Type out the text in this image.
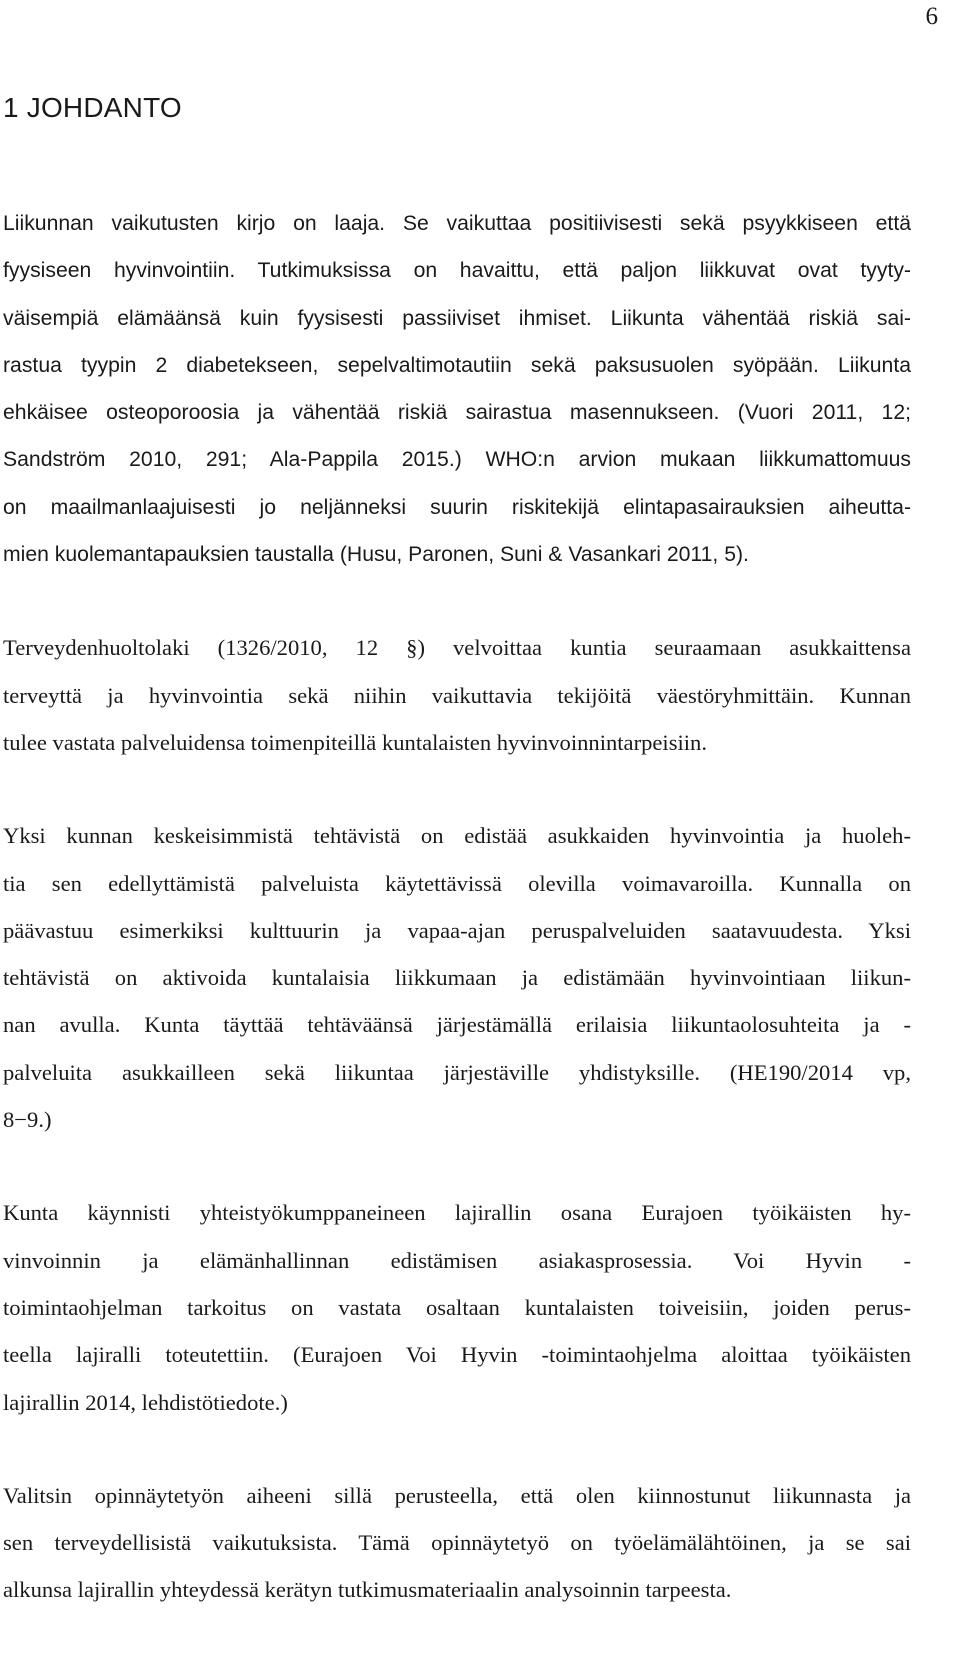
6
1 JOHDANTO

Liikunnan vaikutusten kirjo on laaja. Se vaikuttaa positiivisesti sekä psyykkiseen että
fyysiseen hyvinvointiin. Tutkimuksissa on havaittu, että paljon liikkuvat ovat tyyty-
väisempiä elämäänsä kuin fyysisesti passiiviset ihmiset. Liikunta vähentää riskiä sai-
rastua tyypin 2 diabetekseen, sepelvaltimotautiin sekä paksusuolen syöpään. Liikunta
ehkäisee osteoporoosia ja vähentää riskiä sairastua masennukseen. (Vuori 2011, 12;
Sandström 2010, 291; Ala-Pappila 2015.) WHO:n arvion mukaan liikkumattomuus
on maailmanlaajuisesti jo neljänneksi suurin riskitekijä elintapasairauksien aiheutta-
mien kuolemantapauksien taustalla (Husu, Paronen, Suni & Vasankari 2011, 5).

Terveydenhuoltolaki (1326/2010, 12 §) velvoittaa kuntia seuraamaan asukkaittensa
terveyttä ja hyvinvointia sekä niihin vaikuttavia tekijöitä väestöryhmittäin. Kunnan
tulee vastata palveluidensa toimenpiteillä kuntalaisten hyvinvoinnintarpeisiin.

Yksi kunnan keskeisimmistä tehtävistä on edistää asukkaiden hyvinvointia ja huoleh-
tia sen edellyttämistä palveluista käytettävissä olevilla voimavaroilla. Kunnalla on
päävastuu esimerkiksi kulttuurin ja vapaa-ajan peruspalveluiden saatavuudesta. Yksi
tehtävistä on aktivoida kuntalaisia liikkumaan ja edistämään hyvinvointiaan liikun-
nan avulla. Kunta täyttää tehtäväänsä järjestämällä erilaisia liikuntaolosuhteita ja -
palveluita asukkailleen sekä liikuntaa järjestäville yhdistyksille. (HE190/2014 vp,
8−9.)

Kunta käynnisti yhteistyökumppaneineen lajirallin osana Eurajoen työikäisten hy-
vinvoinnin ja elämänhallinnan edistämisen asiakasprosessia. Voi Hyvin -
toimintaohjelman tarkoitus on vastata osaltaan kuntalaisten toiveisiin, joiden perus-
teella lajiralli toteutettiin. (Eurajoen Voi Hyvin -toimintaohjelma aloittaa työikäisten
lajirallin 2014, lehdistötiedote.)

Valitsin opinnäytetyön aiheeni sillä perusteella, että olen kiinnostunut liikunnasta ja
sen terveydellisistä vaikutuksista. Tämä opinnäytetyö on työelämälähtöinen, ja se sai
alkunsa lajirallin yhteydessä kerätyn tutkimusmateriaalin analysoinnin tarpeesta.
